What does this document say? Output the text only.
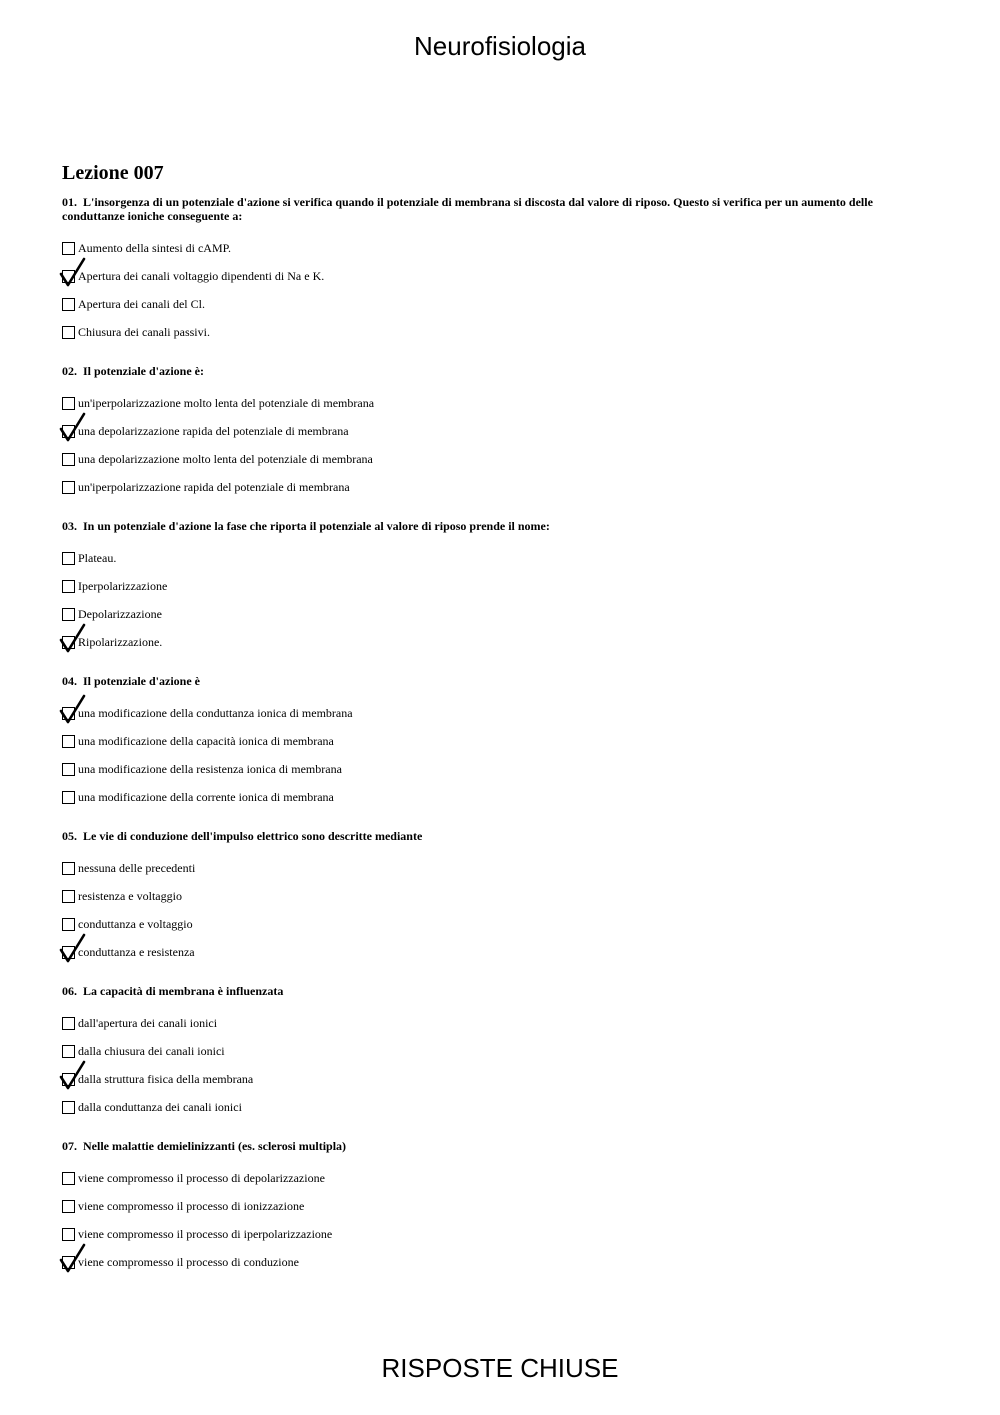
Neurofisiologia
Lezione 007
01. L'insorgenza di un potenziale d'azione si verifica quando il potenziale di membrana si discosta dal valore di riposo. Questo si verifica per un aumento delle conduttanze ioniche conseguente a:
Aumento della sintesi di cAMP.
Apertura dei canali voltaggio dipendenti di Na e K.
Apertura dei canali del Cl.
Chiusura dei canali passivi.
02. Il potenziale d'azione è:
un'iperpolarizzazione molto lenta del potenziale di membrana
una depolarizzazione rapida del potenziale di membrana
una depolarizzazione molto lenta del potenziale di membrana
un'iperpolarizzazione rapida del potenziale di membrana
03. In un potenziale d'azione la fase che riporta il potenziale al valore di riposo prende il nome:
Plateau.
Iperpolarizzazione
Depolarizzazione
Ripolarizzazione.
04. Il potenziale d'azione è
una modificazione della conduttanza ionica di membrana
una modificazione della capacità ionica di membrana
una modificazione della resistenza ionica di membrana
una modificazione della corrente ionica di membrana
05. Le vie di conduzione dell'impulso elettrico sono descritte mediante
nessuna delle precedenti
resistenza e voltaggio
conduttanza e voltaggio
conduttanza e resistenza
06. La capacità di membrana è influenzata
dall'apertura dei canali ionici
dalla chiusura dei canali ionici
dalla struttura fisica della membrana
dalla conduttanza dei canali ionici
07. Nelle malattie demielinizzanti (es. sclerosi multipla)
viene compromesso il processo di depolarizzazione
viene compromesso il processo di ionizzazione
viene compromesso il processo di iperpolarizzazione
viene compromesso il processo di conduzione
RISPOSTE CHIUSE
